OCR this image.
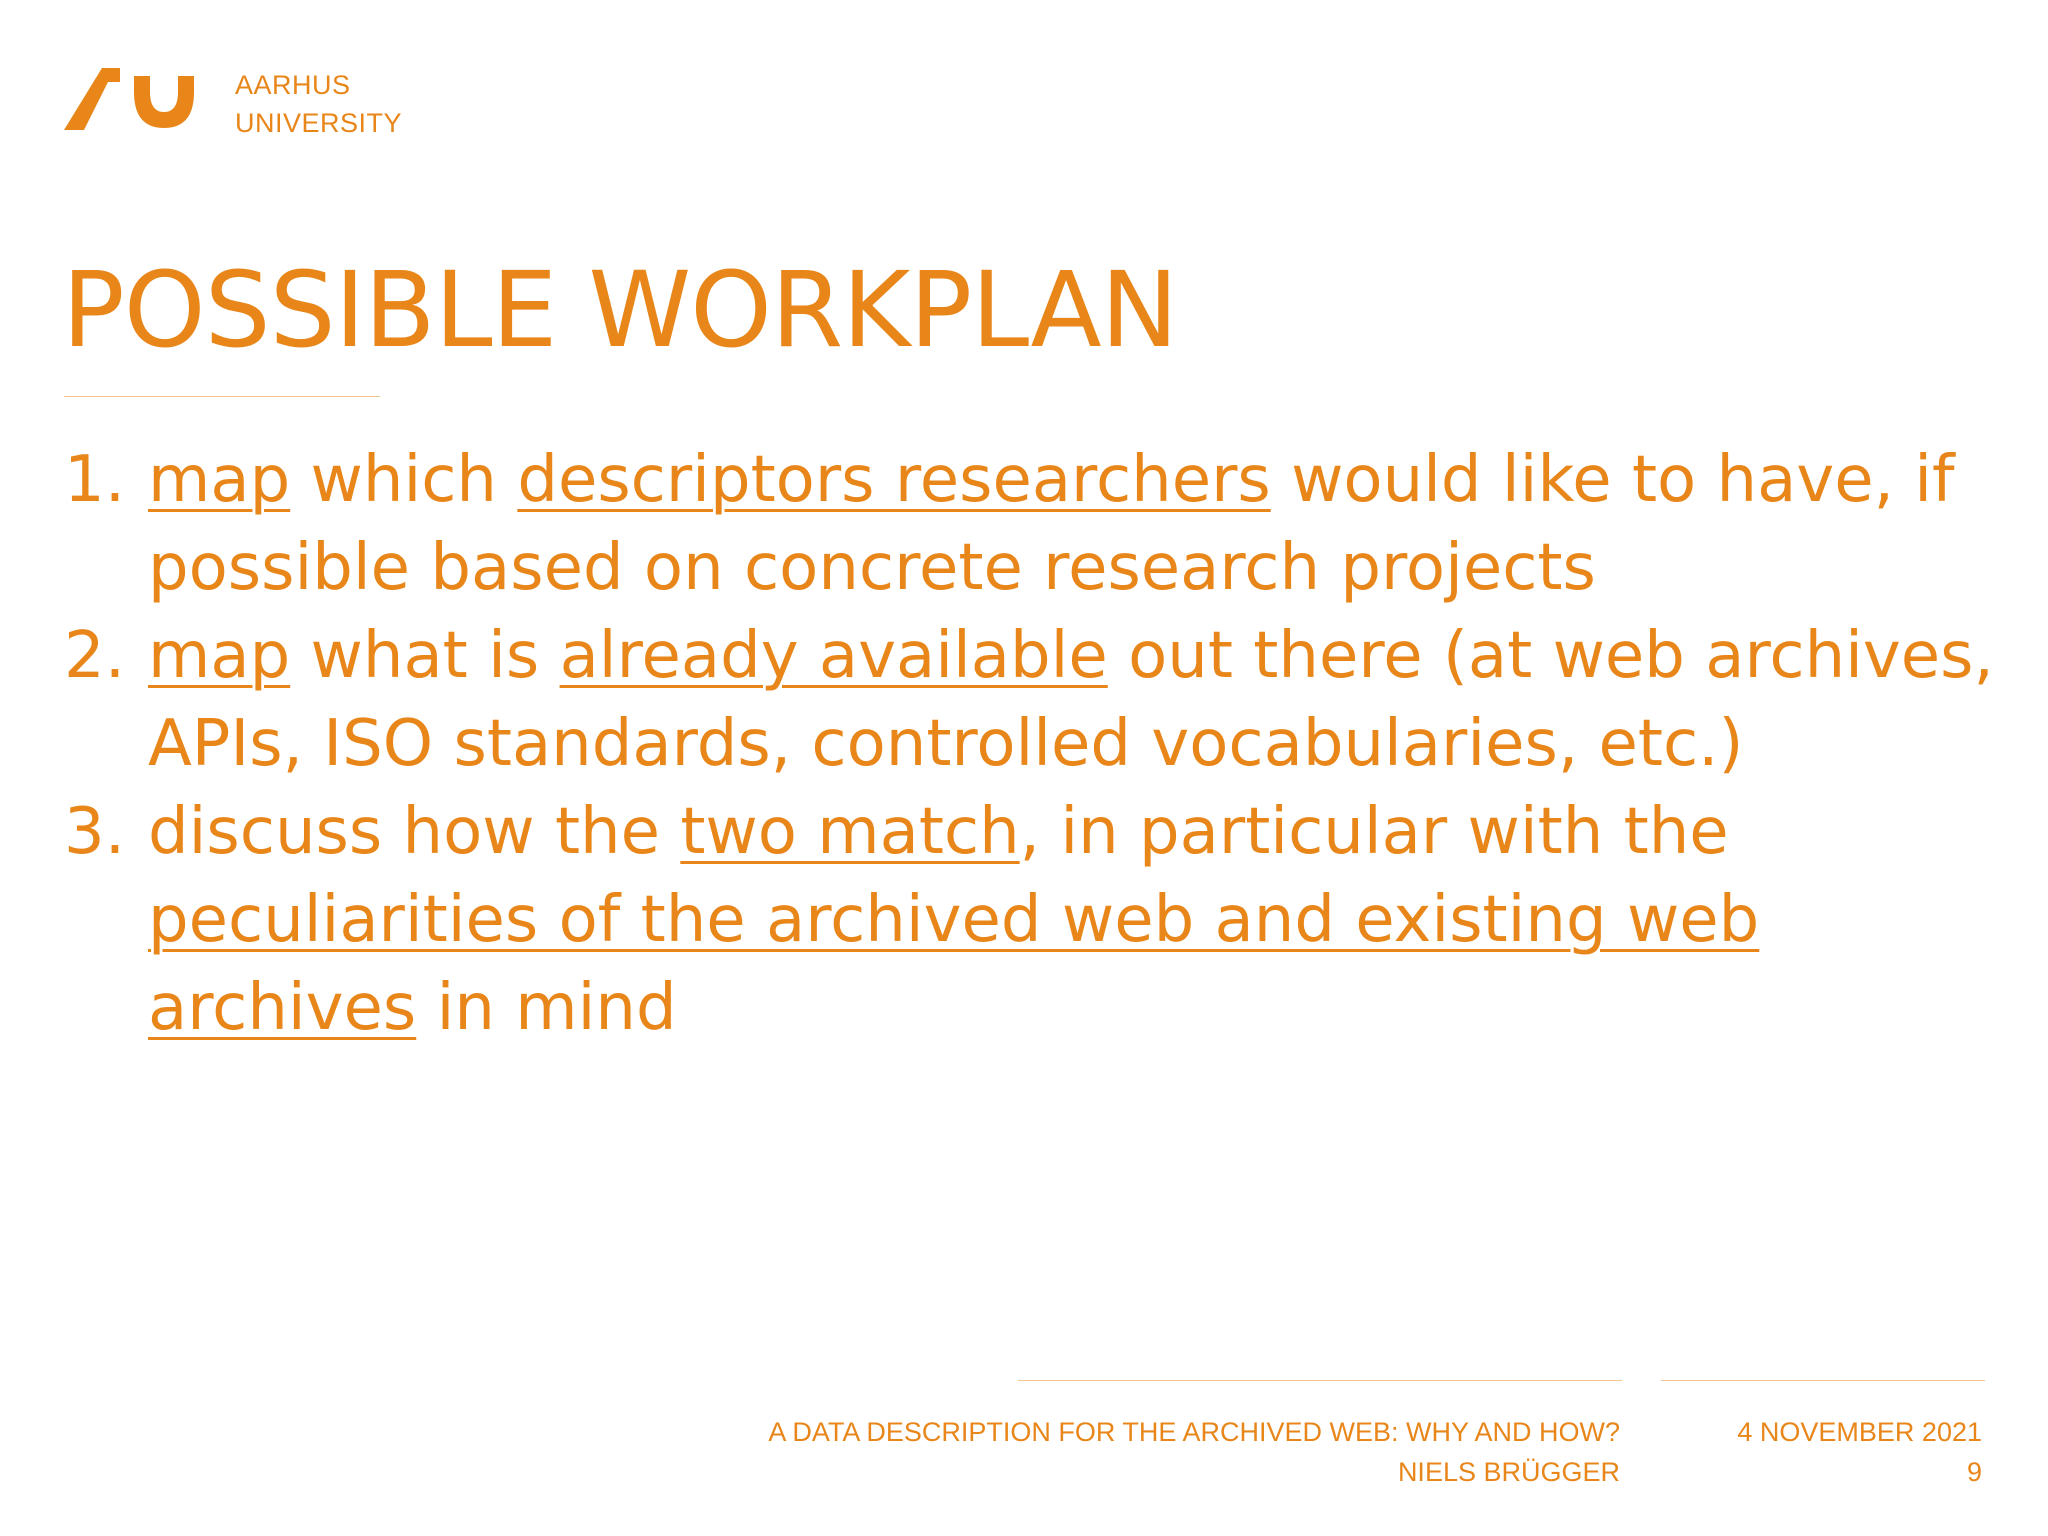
AARHUS
UNIVERSITY
POSSIBLE WORKPLAN
1. map which descriptors researchers would like to have, if possible based on concrete research projects
2. map what is already available out there (at web archives, APIs, ISO standards, controlled vocabularies, etc.)
3. discuss how the two match, in particular with the peculiarities of the archived web and existing web archives in mind
A DATA DESCRIPTION FOR THE ARCHIVED WEB: WHY AND HOW?
NIELS BRÜGGER
4 NOVEMBER 2021
9
